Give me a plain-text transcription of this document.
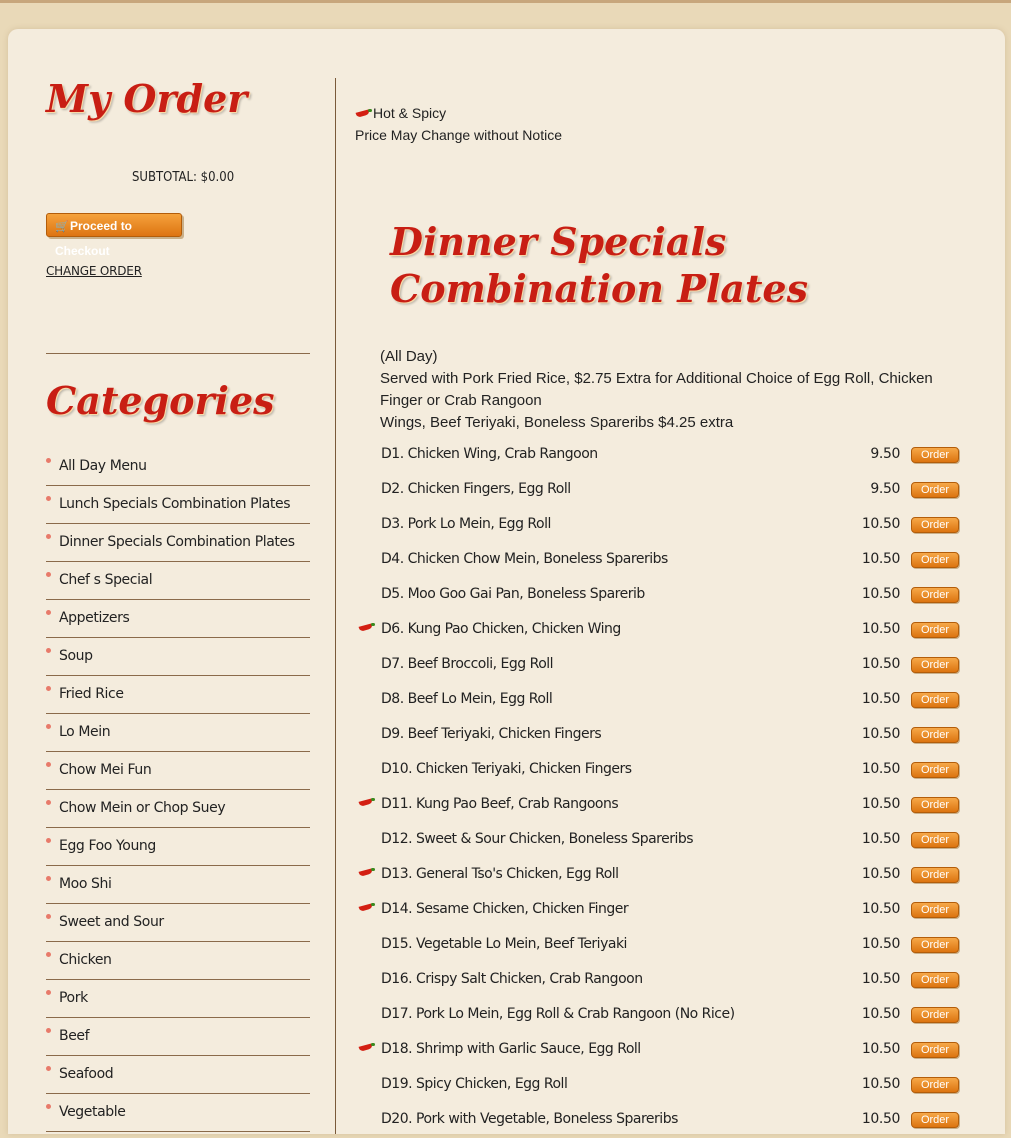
My Order
SUBTOTAL: $0.00
🛒Proceed to Checkout
CHANGE ORDER
Categories
All Day Menu
Lunch Specials Combination Plates
Dinner Specials Combination Plates
Chef s Special
Appetizers
Soup
Fried Rice
Lo Mein
Chow Mei Fun
Chow Mein or Chop Suey
Egg Foo Young
Moo Shi
Sweet and Sour
Chicken
Pork
Beef
Seafood
Vegetable
Hot & Spicy
Price May Change without Notice
Dinner Specials Combination Plates
(All Day)
Served with Pork Fried Rice, $2.75 Extra for Additional Choice of Egg Roll, Chicken Finger or Crab Rangoon
Wings, Beef Teriyaki, Boneless Spareribs $4.25 extra
D1. Chicken Wing, Crab Rangoon	9.50	Order
D2. Chicken Fingers, Egg Roll	9.50	Order
D3. Pork Lo Mein, Egg Roll	10.50	Order
D4. Chicken Chow Mein, Boneless Spareribs	10.50	Order
D5. Moo Goo Gai Pan, Boneless Sparerib	10.50	Order
D6. Kung Pao Chicken, Chicken Wing	10.50	Order
D7. Beef Broccoli, Egg Roll	10.50	Order
D8. Beef Lo Mein, Egg Roll	10.50	Order
D9. Beef Teriyaki, Chicken Fingers	10.50	Order
D10. Chicken Teriyaki, Chicken Fingers	10.50	Order
D11. Kung Pao Beef, Crab Rangoons	10.50	Order
D12. Sweet & Sour Chicken, Boneless Spareribs	10.50	Order
D13. General Tso's Chicken, Egg Roll	10.50	Order
D14. Sesame Chicken, Chicken Finger	10.50	Order
D15. Vegetable Lo Mein, Beef Teriyaki	10.50	Order
D16. Crispy Salt Chicken, Crab Rangoon	10.50	Order
D17. Pork Lo Mein, Egg Roll & Crab Rangoon (No Rice)	10.50	Order
D18. Shrimp with Garlic Sauce, Egg Roll	10.50	Order
D19. Spicy Chicken, Egg Roll	10.50	Order
D20. Pork with Vegetable, Boneless Spareribs	10.50	Order
